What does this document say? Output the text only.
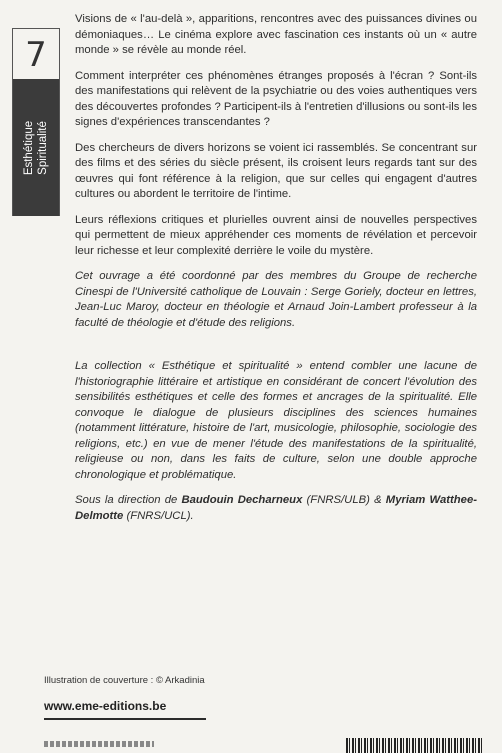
7
Esthétique Spiritualité

Visions de « l'au-delà », apparitions, rencontres avec des puissances divines ou démoniaques… Le cinéma explore avec fascination ces instants où un « autre monde » se révèle au monde réel.

Comment interpréter ces phénomènes étranges proposés à l'écran ? Sont-ils des manifestations qui relèvent de la psychiatrie ou des voies authentiques vers des découvertes profondes ? Participent-ils à l'entretien d'illusions ou sont-ils les signes d'expériences transcendantes ?

Des chercheurs de divers horizons se voient ici rassemblés. Se concentrant sur des films et des séries du siècle présent, ils croisent leurs regards tant sur des œuvres qui font référence à la religion, que sur celles qui engagent d'autres cultures ou abordent le territoire de l'intime.

Leurs réflexions critiques et plurielles ouvrent ainsi de nouvelles perspectives qui permettent de mieux appréhender ces moments de révélation et percevoir leur richesse et leur complexité derrière le voile du mystère.

Cet ouvrage a été coordonné par des membres du Groupe de recherche Cinespi de l'Université catholique de Louvain : Serge Goriely, docteur en lettres, Jean-Luc Maroy, docteur en théologie et Arnaud Join-Lambert professeur à la faculté de théologie et d'étude des religions.

La collection « Esthétique et spiritualité » entend combler une lacune de l'historiographie littéraire et artistique en considérant de concert l'évolution des sensibilités esthétiques et celle des formes et ancrages de la spiritualité. Elle convoque le dialogue de plusieurs disciplines des sciences humaines (notamment littérature, histoire de l'art, musicologie, philosophie, sociologie des religions, etc.) en vue de mener l'étude des manifestations de la spiritualité, religieuse ou non, dans les faits de culture, selon une double approche chronologique et problématique.

Sous la direction de Baudouin Decharneux (FNRS/ULB) & Myriam Watthee-Delmotte (FNRS/UCL).

Illustration de couverture : © Arkadinia
www.eme-editions.be
